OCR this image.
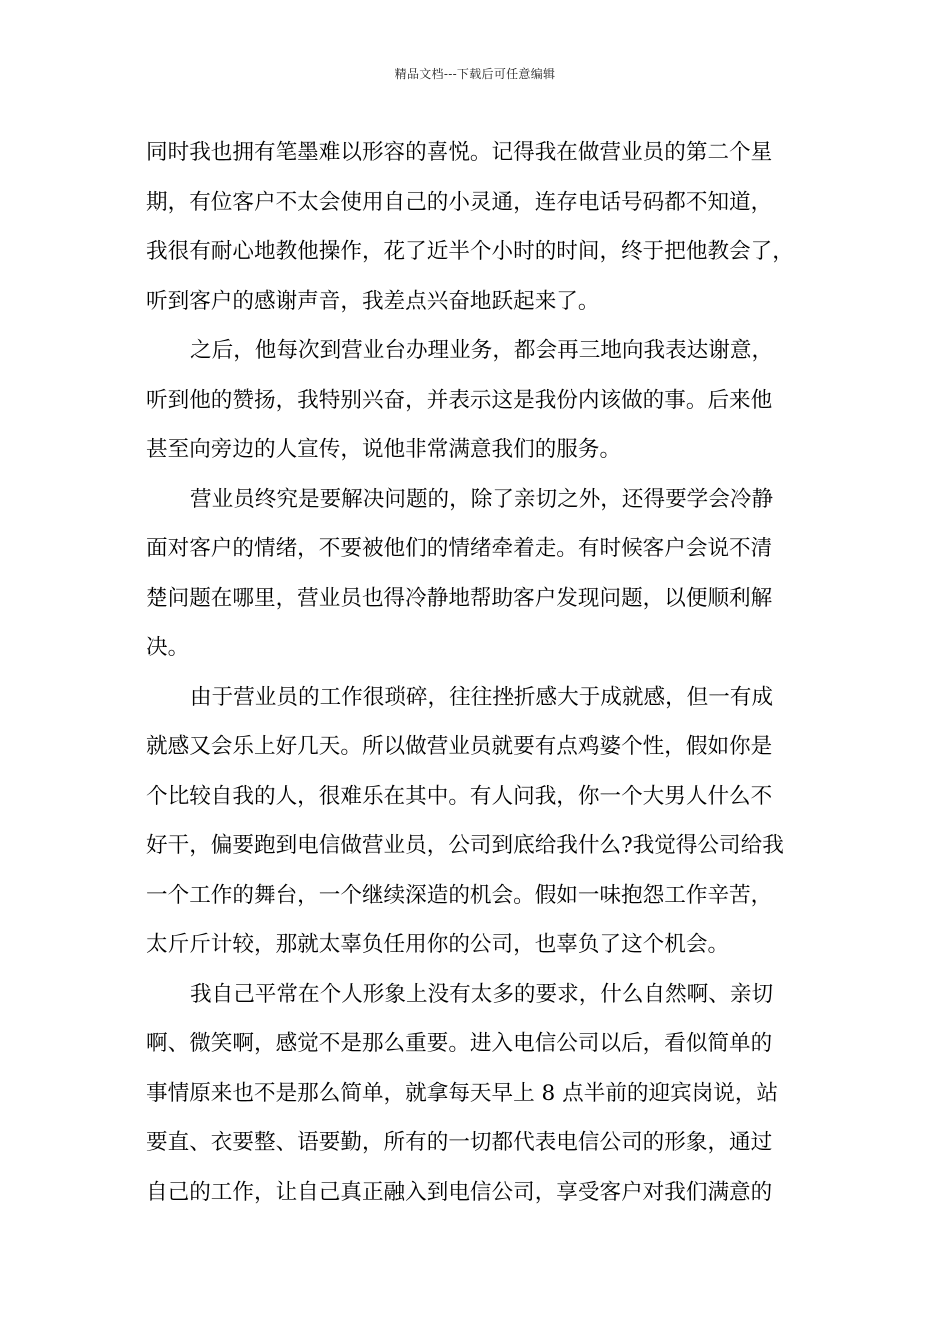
精品文档---下载后可任意编辑
同时我也拥有笔墨难以形容的喜悦。记得我在做营业员的第二个星
期，有位客户不太会使用自己的小灵通，连存电话号码都不知道，
我很有耐心地教他操作，花了近半个小时的时间，终于把他教会了，
听到客户的感谢声音，我差点兴奋地跃起来了。
之后，他每次到营业台办理业务，都会再三地向我表达谢意，
听到他的赞扬，我特别兴奋，并表示这是我份内该做的事。后来他
甚至向旁边的人宣传，说他非常满意我们的服务。
营业员终究是要解决问题的，除了亲切之外，还得要学会冷静
面对客户的情绪，不要被他们的情绪牵着走。有时候客户会说不清
楚问题在哪里，营业员也得冷静地帮助客户发现问题，以便顺利解
决。
由于营业员的工作很琐碎，往往挫折感大于成就感，但一有成
就感又会乐上好几天。所以做营业员就要有点鸡婆个性，假如你是
个比较自我的人，很难乐在其中。有人问我，你一个大男人什么不
好干，偏要跑到电信做营业员，公司到底给我什么?我觉得公司给我
一个工作的舞台，一个继续深造的机会。假如一味抱怨工作辛苦，
太斤斤计较，那就太辜负任用你的公司，也辜负了这个机会。
我自己平常在个人形象上没有太多的要求，什么自然啊、亲切
啊、微笑啊，感觉不是那么重要。进入电信公司以后，看似简单的
事情原来也不是那么简单，就拿每天早上 8 点半前的迎宾岗说，站
要直、衣要整、语要勤，所有的一切都代表电信公司的形象，通过
自己的工作，让自己真正融入到电信公司，享受客户对我们满意的
